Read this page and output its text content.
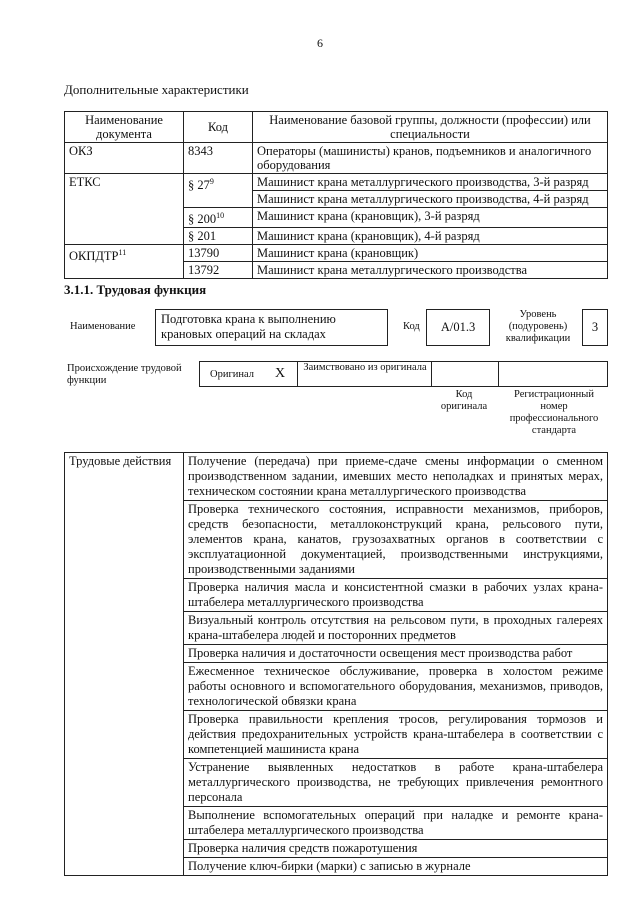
6
Дополнительные характеристики
Наименование документа	Код	Наименование базовой группы, должности (профессии) или специальности
ОКЗ	8343	Операторы (машинисты) кранов, подъемников и аналогичного оборудования
ЕТКС	§ $27^9$	Машинист крана металлургического производства, 3-й разряд
		Машинист крана металлургического производства, 4-й разряд
	§ $200^{10}$	Машинист крана (крановщик), 3-й разряд
	§ 201	Машинист крана (крановщик), 4-й разряд
ОКПДТР$^{11}$	13790	Машинист крана (крановщик)
	13792	Машинист крана металлургического производства
3.1.1. Трудовая функция
Наименование
Подготовка крана к выполнению крановых операций на складах
Код	A/01.3
Уровень (подуровень) квалификации
3
Происхождение трудовой функции
Оригинал X Заимствовано из оригинала
Код оригинала
Регистрационный номер профессионального стандарта
Трудовые действия	Получение (передача) при приеме-сдаче смены информации о сменном производственном задании, имевших место неполадках и принятых мерах, техническом состоянии крана металлургического производства
Проверка технического состояния, исправности механизмов, приборов, средств безопасности, металлоконструкций крана, рельсового пути, элементов крана, канатов, грузозахватных органов в соответствии с эксплуатационной документацией, производственными инструкциями, производственными заданиями
Проверка наличия масла и консистентной смазки в рабочих узлах крана-штабелера металлургического производства
Визуальный контроль отсутствия на рельсовом пути, в проходных галереях крана-штабелера людей и посторонних предметов
Проверка наличия и достаточности освещения мест производства работ
Ежесменное техническое обслуживание, проверка в холостом режиме работы основного и вспомогательного оборудования, механизмов, приводов, технологической обвязки крана
Проверка правильности крепления тросов, регулирования тормозов и действия предохранительных устройств крана-штабелера в соответствии с компетенцией машиниста крана
Устранение выявленных недостатков в работе крана-штабелера металлургического производства, не требующих привлечения ремонтного персонала
Выполнение вспомогательных операций при наладке и ремонте крана-штабелера металлургического производства
Проверка наличия средств пожаротушения
Получение ключ-бирки (марки) с записью в журнале
